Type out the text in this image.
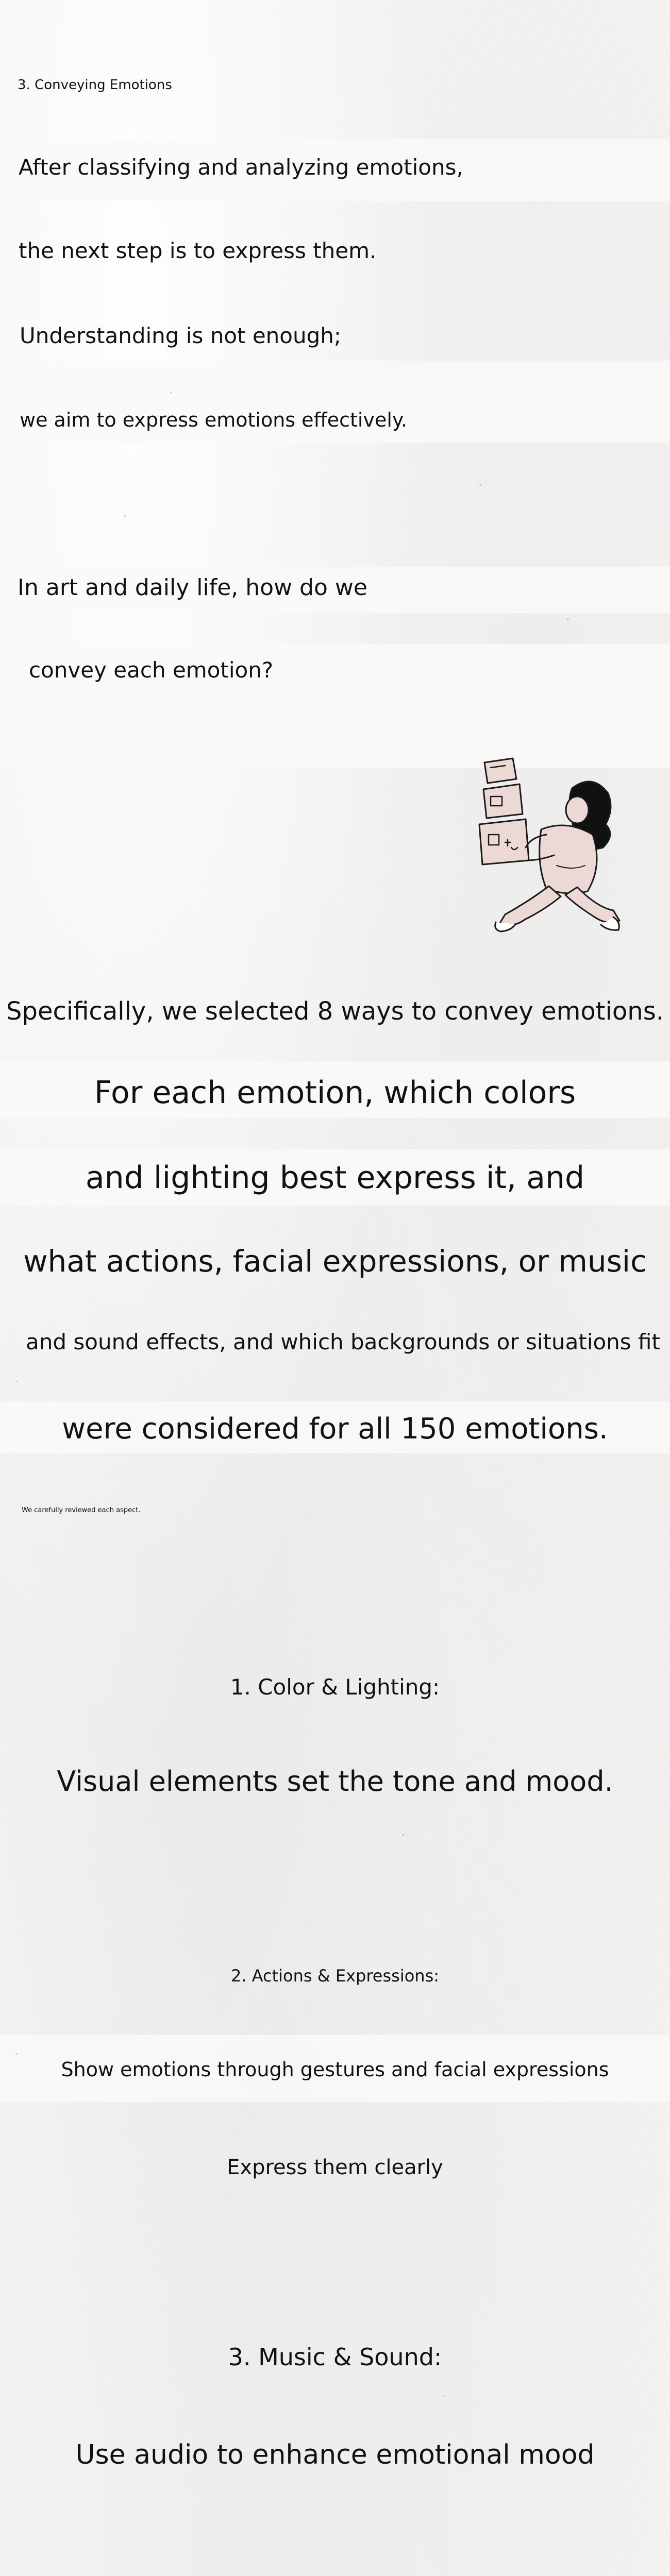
3. Conveying Emotions
After classifying and analyzing emotions,
the next step is to express them.
Understanding is not enough;
we aim to express emotions effectively.
In art and daily life, how do we
convey each emotion?
Specifically, we selected 8 ways to convey emotions.
For each emotion, which colors
and lighting best express it, and
what actions, facial expressions, or music
and sound effects, and which backgrounds or situations fit
were considered for all 150 emotions.
We carefully reviewed each aspect.
1. Color & Lighting:
Visual elements set the tone and mood.
2. Actions & Expressions:
Show emotions through gestures and facial expressions
Express them clearly
3. Music & Sound:
Use audio to enhance emotional mood
